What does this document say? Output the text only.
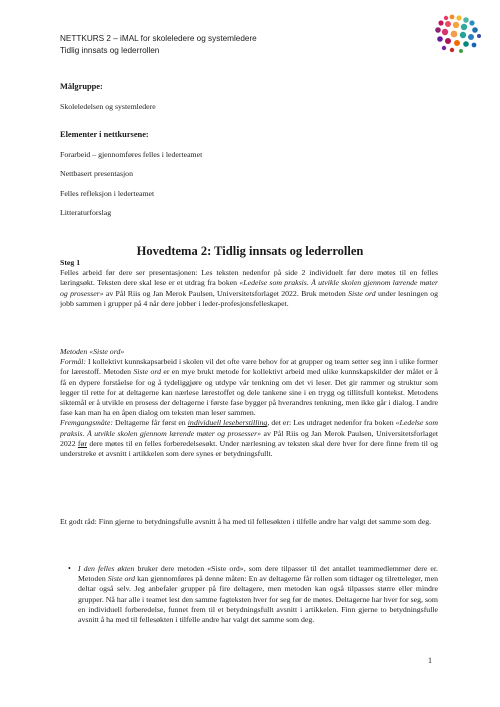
NETTKURS 2 – iMAL for skoleledere og systemledere
Tidlig innsats og lederrollen
Målgruppe:
Skoleledelsen og systemledere
Elementer i nettkursene:
Forarbeid – gjennomføres felles i lederteamet
Nettbasert presentasjon
Felles refleksjon i lederteamet
Litteraturforslag
Hovedtema 2: Tidlig innsats og lederrollen
Steg 1
Felles arbeid før dere ser presentasjonen: Les teksten nedenfor på side 2 individuelt før dere møtes til en felles læringsøkt. Teksten dere skal lese er et utdrag fra boken «Ledelse som praksis. Å utvikle skolen gjennom lærende møter og prosesser» av Pål Riis og Jan Merok Paulsen, Universitetsforlaget 2022. Bruk metoden Siste ord under lesningen og jobb sammen i grupper på 4 når dere jobber i leder-profesjonsfelleskapet.
Metoden «Siste ord»
Formål: I kollektivt kunnskapsarbeid i skolen vil det ofte være behov for at grupper og team setter seg inn i ulike former for lærestoff. Metoden Siste ord er en mye brukt metode for kollektivt arbeid med ulike kunnskapskilder der målet er å få en dypere forståelse for og å tydeliggjøre og utdype vår tenkning om det vi leser. Det gir rammer og struktur som legger til rette for at deltagerne kan nærlese lærestoffet og dele tankene sine i en trygg og tillitsfull kontekst. Metodens siktemål er å utvikle en prosess der deltagerne i første fase bygger på hverandres tenkning, men ikke går i dialog. I andre fase kan man ha en åpen dialog om teksten man leser sammen.
Fremgangsmåte: Deltagerne får først en individuell leseberstilling, det er: Les utdraget nedenfor fra boken «Ledelse som praksis. Å utvikle skolen gjennom lærende møter og prosesser» av Pål Riis og Jan Merok Paulsen, Universitetsforlaget 2022 før dere møtes til en felles forberedelsesøkt. Under nærlesning av teksten skal dere hver for dere finne frem til og understreke et avsnitt i artikkelen som dere synes er betydningsfullt.
Et godt råd: Finn gjerne to betydningsfulle avsnitt å ha med til fellesøkten i tilfelle andre har valgt det samme som deg.
• I den felles økten bruker dere metoden «Siste ord», som dere tilpasser til det antallet teammedlemmer dere er. Metoden Siste ord kan gjennomføres på denne måten: En av deltagerne får rollen som tidtager og tilretteleger, men deltar også selv. Jeg anbefaler grupper på fire deltagere, men metoden kan også tilpasses større eller mindre grupper. Nå har alle i teamet lest den samme fagteksten hver for seg før de møtes. Deltagerne har hver for seg, som en individuell forberedelse, funnet frem til et betydningsfullt avsnitt i artikkelen. Finn gjerne to betydningsfulle avsnitt å ha med til fellesøkten i tilfelle andre har valgt det samme som deg.
1
